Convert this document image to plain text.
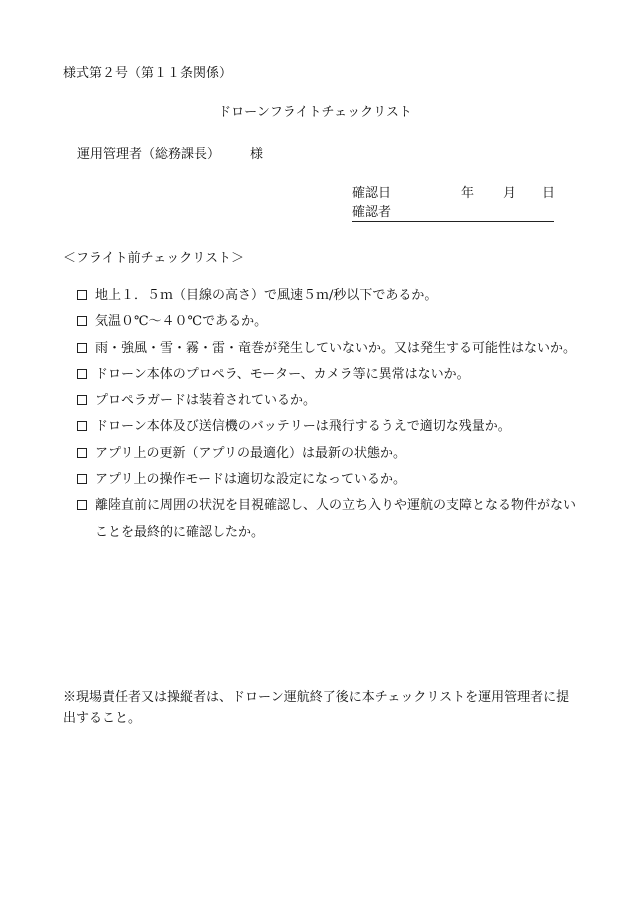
様式第２号（第１１条関係）
ドローンフライトチェックリスト
運用管理者（総務課長） 様
確認日	年 月 日
確認者
＜フライト前チェックリスト＞
地上１．５ｍ（目線の高さ）で風速５ｍ/秒以下であるか。
気温０℃～４０℃であるか。
雨・強風・雪・霧・雷・竜巻が発生していないか。又は発生する可能性はないか。
ドローン本体のプロペラ、モーター、カメラ等に異常はないか。
プロペラガードは装着されているか。
ドローン本体及び送信機のバッテリーは飛行するうえで適切な残量か。
アプリ上の更新（アプリの最適化）は最新の状態か。
アプリ上の操作モードは適切な設定になっているか。
離陸直前に周囲の状況を目視確認し、人の立ち入りや運航の支障となる物件がないことを最終的に確認したか。
※現場責任者又は操縦者は、ドローン運航終了後に本チェックリストを運用管理者に提出すること。
